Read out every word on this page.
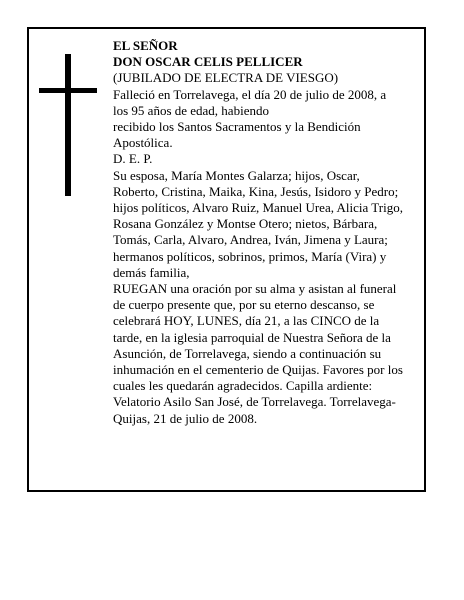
EL SEÑOR

DON OSCAR CELIS PELLICER

(JUBILADO DE ELECTRA DE VIESGO)

Falleció en Torrelavega, el día 20 de julio de 2008, a

los 95 años de edad, habiendo

recibido los Santos Sacramentos y la Bendición

Apostólica.

D. E. P.

Su esposa, María Montes Galarza; hijos, Oscar,

Roberto, Cristina, Maika, Kina, Jesús, Isidoro y Pedro;

hijos políticos, Alvaro Ruiz, Manuel Urea, Alicia Trigo,

Rosana González y Montse Otero; nietos, Bárbara,

Tomás, Carla, Alvaro, Andrea, Iván, Jimena y Laura;

hermanos políticos, sobrinos, primos, María (Vira) y

demás familia,

RUEGAN una oración por su alma y asistan al funeral

de cuerpo presente que, por su eterno descanso, se

celebrará HOY, LUNES, día 21, a las CINCO de la

tarde, en la iglesia parroquial de Nuestra Señora de la

Asunción, de Torrelavega, siendo a continuación su

inhumación en el cementerio de Quijas. Favores por los

cuales les quedarán agradecidos. Capilla ardiente:

Velatorio Asilo San José, de Torrelavega. Torrelavega-

Quijas, 21 de julio de 2008.
